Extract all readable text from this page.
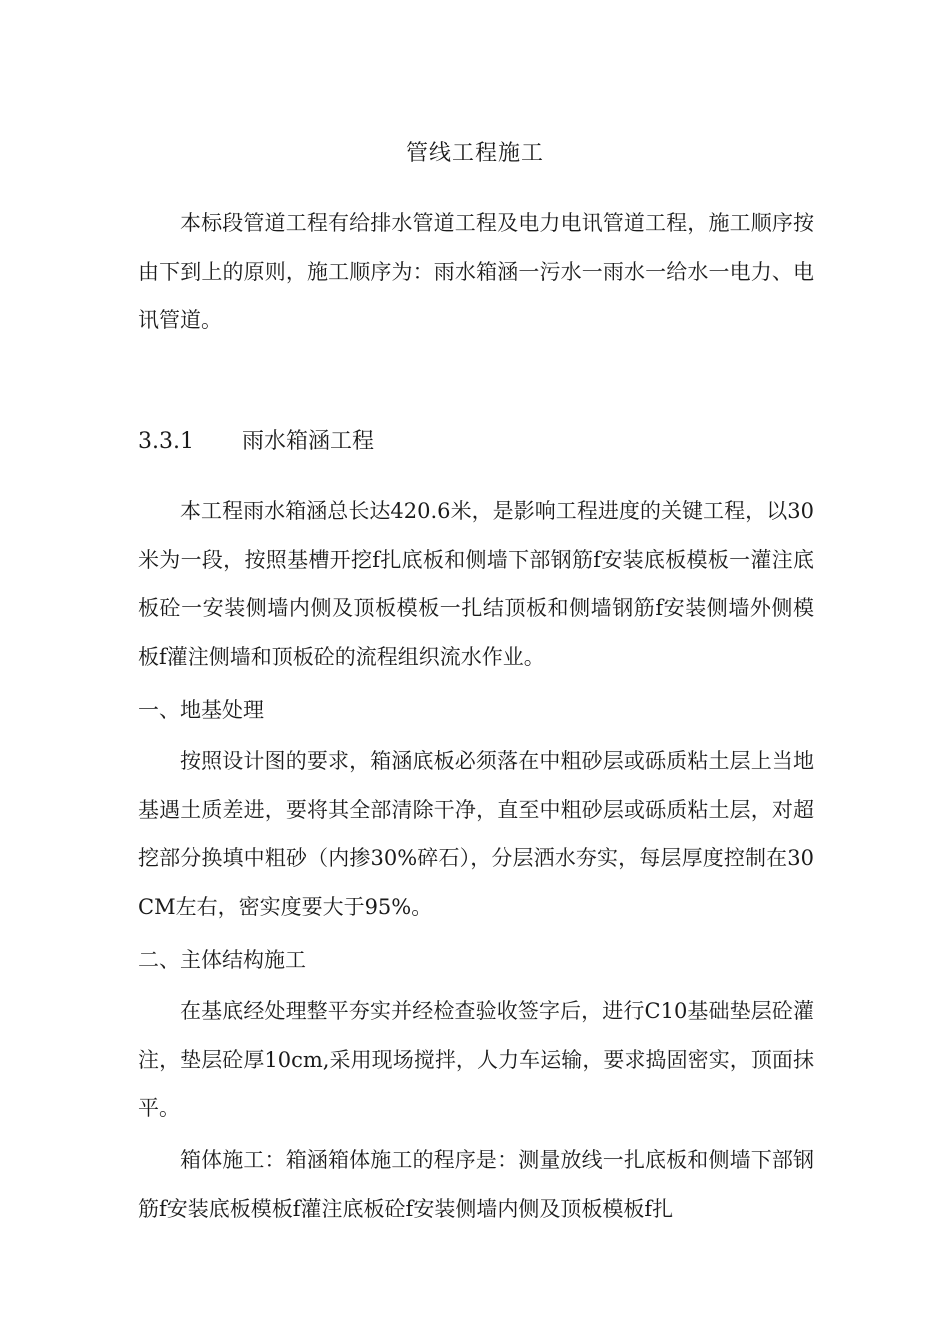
管线工程施工

本标段管道工程有给排水管道工程及电力电讯管道工程，施工顺序按由下到上的原则，施工顺序为：雨水箱涵一污水一雨水一给水一电力、电讯管道。

3.3.1 雨水箱涵工程

本工程雨水箱涵总长达420.6米，是影响工程进度的关键工程，以30米为一段，按照基槽开挖f扎底板和侧墙下部钢筋f安装底板模板一灌注底板砼一安装侧墙内侧及顶板模板一扎结顶板和侧墙钢筋f安装侧墙外侧模板f灌注侧墙和顶板砼的流程组织流水作业。

一、地基处理

按照设计图的要求，箱涵底板必须落在中粗砂层或砾质粘土层上当地基遇土质差进，要将其全部清除干净，直至中粗砂层或砾质粘土层，对超挖部分换填中粗砂（内掺30%碎石），分层洒水夯实，每层厚度控制在30CM左右，密实度要大于95%。

二、主体结构施工

在基底经处理整平夯实并经检查验收签字后，进行C10基础垫层砼灌注，垫层砼厚10cm,采用现场搅拌，人力车运输，要求捣固密实，顶面抹平。

箱体施工：箱涵箱体施工的程序是：测量放线一扎底板和侧墙下部钢筋f安装底板模板f灌注底板砼f安装侧墙内侧及顶板模板f扎
